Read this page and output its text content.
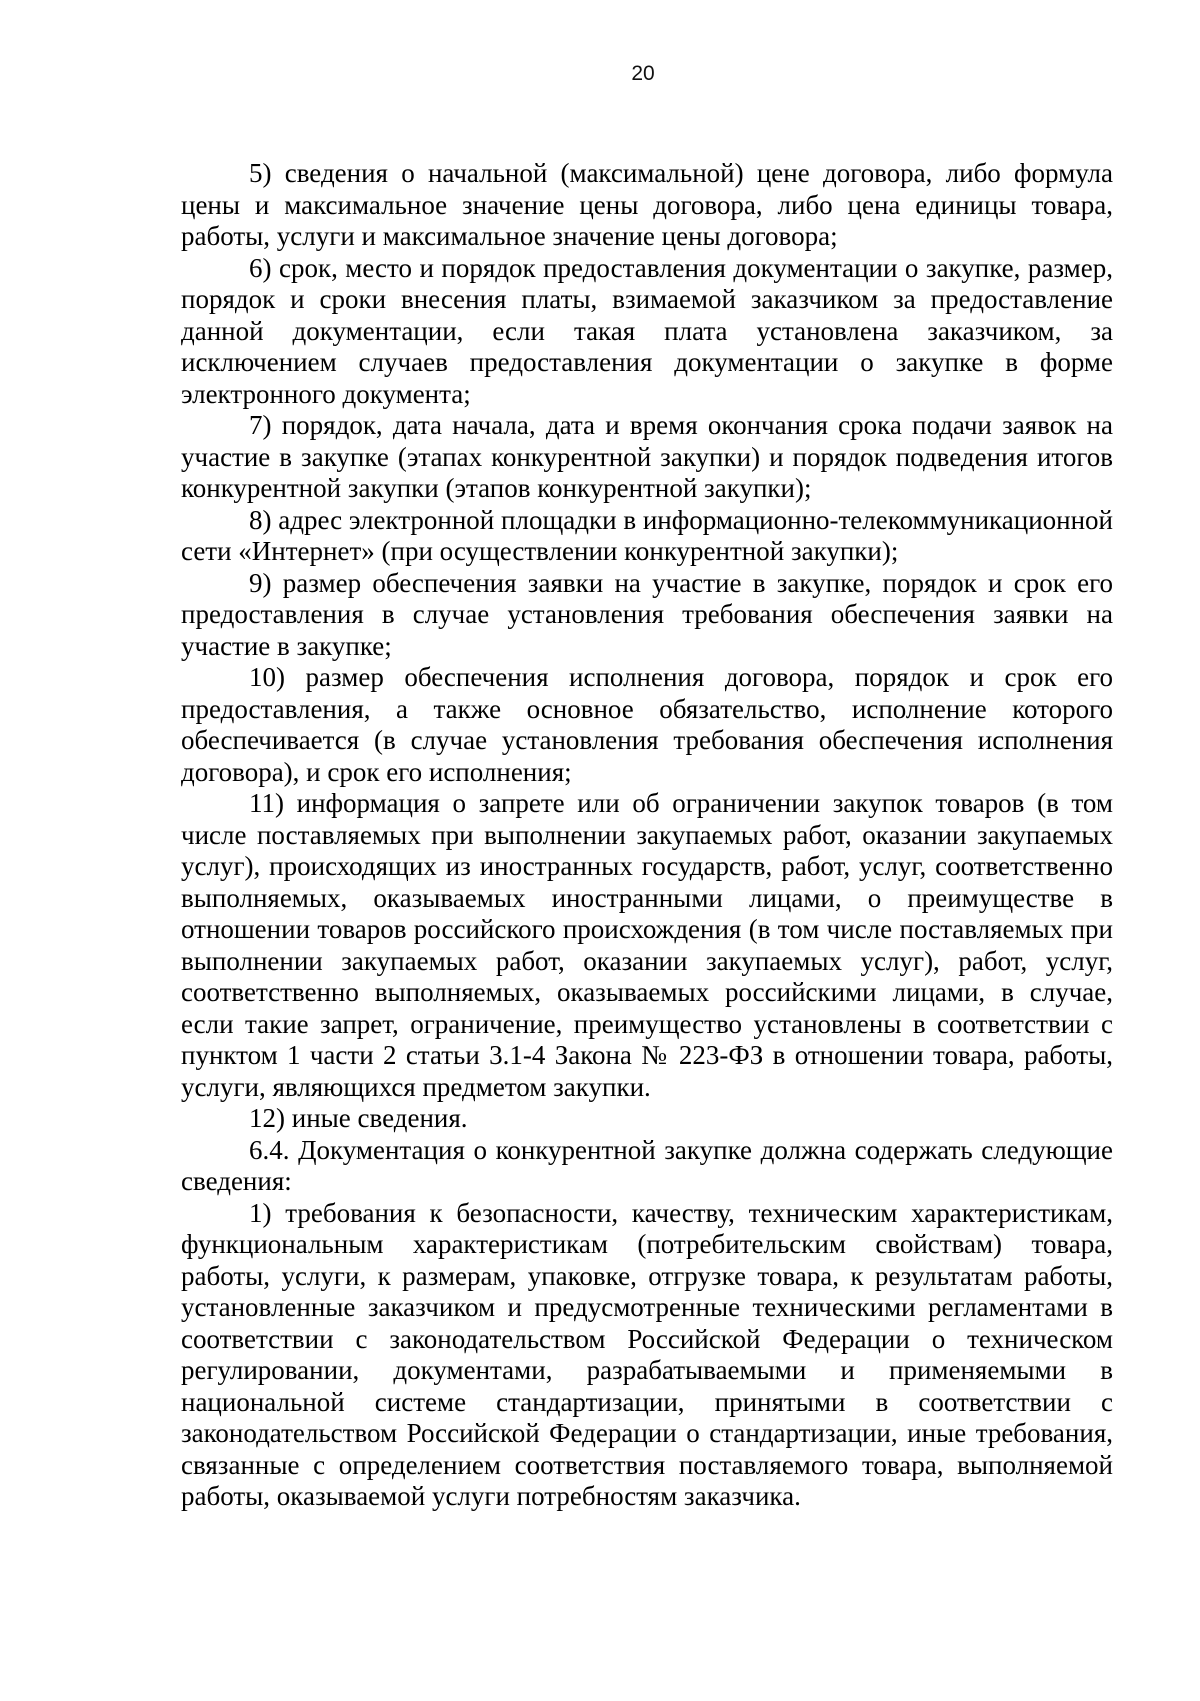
20

5) сведения о начальной (максимальной) цене договора, либо формула цены и максимальное значение цены договора, либо цена единицы товара, работы, услуги и максимальное значение цены договора;

6) срок, место и порядок предоставления документации о закупке, размер, порядок и сроки внесения платы, взимаемой заказчиком за предоставление данной документации, если такая плата установлена заказчиком, за исключением случаев предоставления документации о закупке в форме электронного документа;

7) порядок, дата начала, дата и время окончания срока подачи заявок на участие в закупке (этапах конкурентной закупки) и порядок подведения итогов конкурентной закупки (этапов конкурентной закупки);

8) адрес электронной площадки в информационно-телекоммуникационной сети «Интернет» (при осуществлении конкурентной закупки);

9) размер обеспечения заявки на участие в закупке, порядок и срок его предоставления в случае установления требования обеспечения заявки на участие в закупке;

10) размер обеспечения исполнения договора, порядок и срок его предоставления, а также основное обязательство, исполнение которого обеспечивается (в случае установления требования обеспечения исполнения договора), и срок его исполнения;

11) информация о запрете или об ограничении закупок товаров (в том числе поставляемых при выполнении закупаемых работ, оказании закупаемых услуг), происходящих из иностранных государств, работ, услуг, соответственно выполняемых, оказываемых иностранными лицами, о преимуществе в отношении товаров российского происхождения (в том числе поставляемых при выполнении закупаемых работ, оказании закупаемых услуг), работ, услуг, соответственно выполняемых, оказываемых российскими лицами, в случае, если такие запрет, ограничение, преимущество установлены в соответствии с пунктом 1 части 2 статьи 3.1-4 Закона № 223-ФЗ в отношении товара, работы, услуги, являющихся предметом закупки.

12) иные сведения.

6.4. Документация о конкурентной закупке должна содержать следующие сведения:

1) требования к безопасности, качеству, техническим характеристикам, функциональным характеристикам (потребительским свойствам) товара, работы, услуги, к размерам, упаковке, отгрузке товара, к результатам работы, установленные заказчиком и предусмотренные техническими регламентами в соответствии с законодательством Российской Федерации о техническом регулировании, документами, разрабатываемыми и применяемыми в национальной системе стандартизации, принятыми в соответствии с законодательством Российской Федерации о стандартизации, иные требования, связанные с определением соответствия поставляемого товара, выполняемой работы, оказываемой услуги потребностям заказчика.
